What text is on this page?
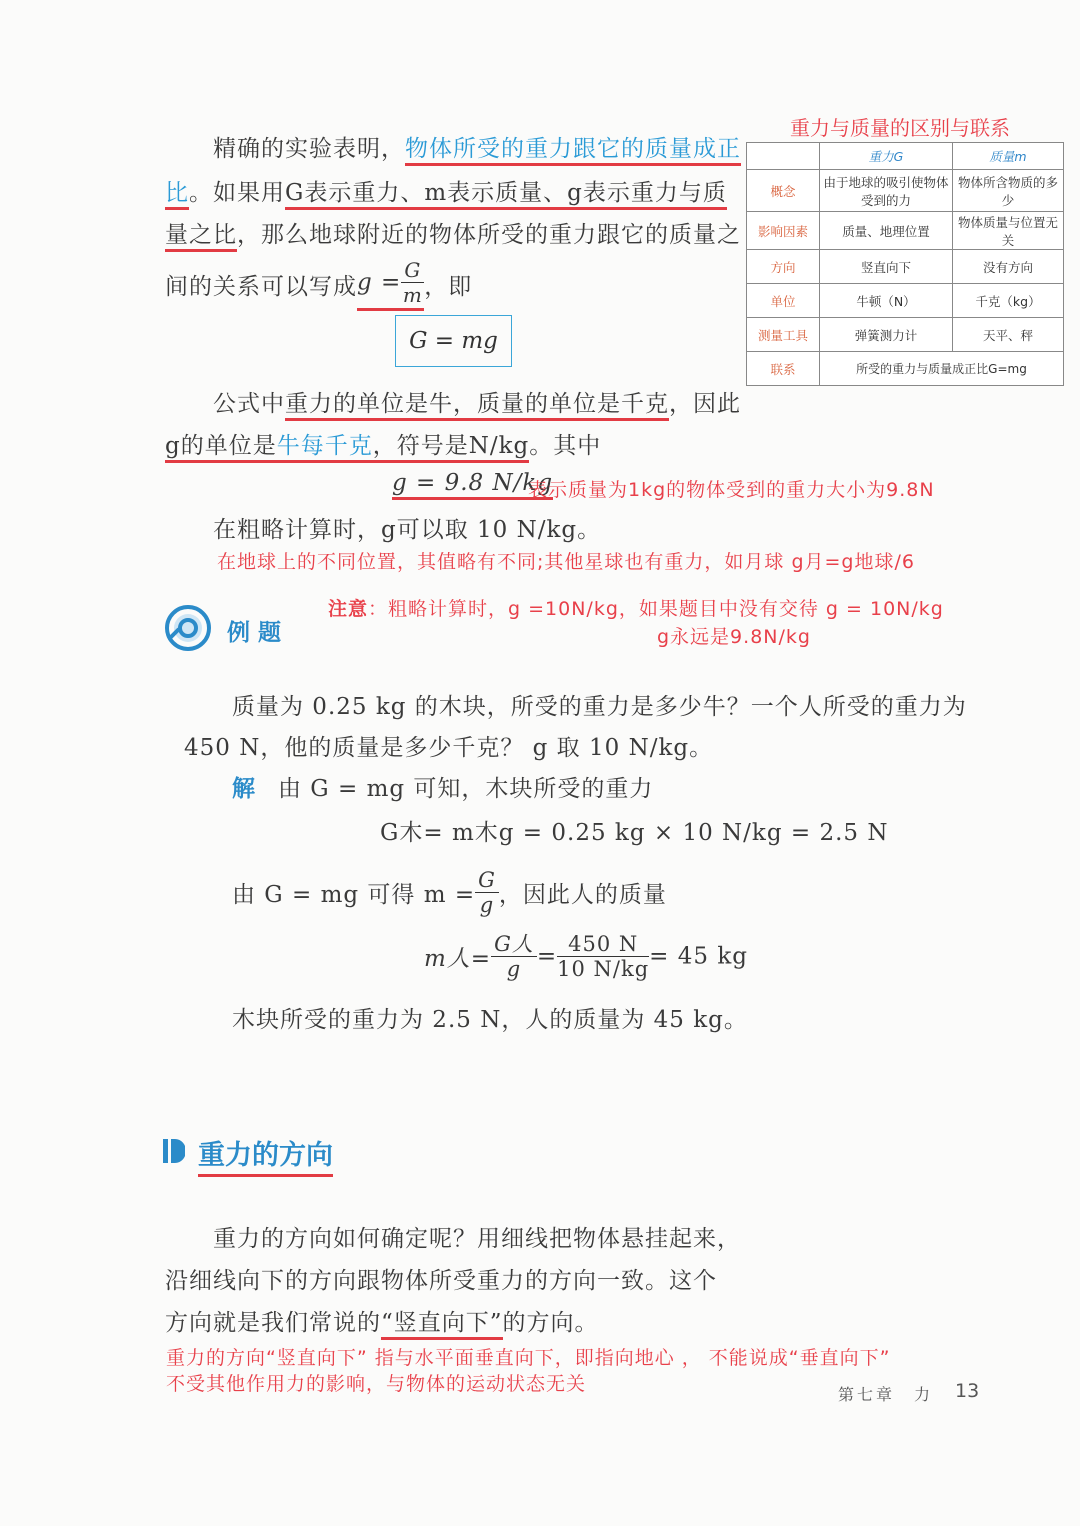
重力与质量的区别与联系
	重力G	质量m
概念	由于地球的吸引使物体受到的力	物体所含物质的多少
影响因素	质量、地理位置	物体质量与位置无关
方向	竖直向下	没有方向
单位	牛顿（N）	千克（kg）
测量工具	弹簧测力计	天平、秤
联系	所受的重力与质量成正比G=mg	
精确的实验表明，物体所受的重力跟它的质量成正
比。如果用G表示重力、m表示质量、g表示重力与质
量之比，那么地球附近的物体所受的重力跟它的质量之
间的关系可以写成$g = \frac{G}{m}$ ，即
G = mg
公式中重力的单位是牛，质量的单位是千克，因此
g的单位是牛每千克，符号是N/kg。其中
g = 9.8 N/kg
表示质量为1kg的物体受到的重力大小为9.8N
在粗略计算时，g可以取 10 N/kg。
在地球上的不同位置，其值略有不同;其他星球也有重力，如月球 g月=g地球/6
例 题
注意：粗略计算时，g =10N/kg，如果题目中没有交待 g = 10N/kg
g永远是9.8N/kg
质量为 0.25 kg 的木块，所受的重力是多少牛？一个人所受的重力为
450 N，他的质量是多少千克？ g 取 10 N/kg。
解 由 G = mg 可知，木块所受的重力
G木= m木g = 0.25 kg × 10 N/kg = 2.5 N
由 G = mg 可得 $m = \frac{G}{g}$ ，因此人的质量
m人= $\frac{\text{G人}}{g} = \frac{450 N}{10 N/kg} = 45$ kg
木块所受的重力为 2.5 N，人的质量为 45 kg。
重力的方向
重力的方向如何确定呢？用细线把物体悬挂起来，
沿细线向下的方向跟物体所受重力的方向一致。这个
方向就是我们常说的“竖直向下”的方向。
重力的方向“竖直向下” 指与水平面垂直向下，即指向地心 ， 不能说成“垂直向下”
不受其他作用力的影响，与物体的运动状态无关	第七章　力 13
